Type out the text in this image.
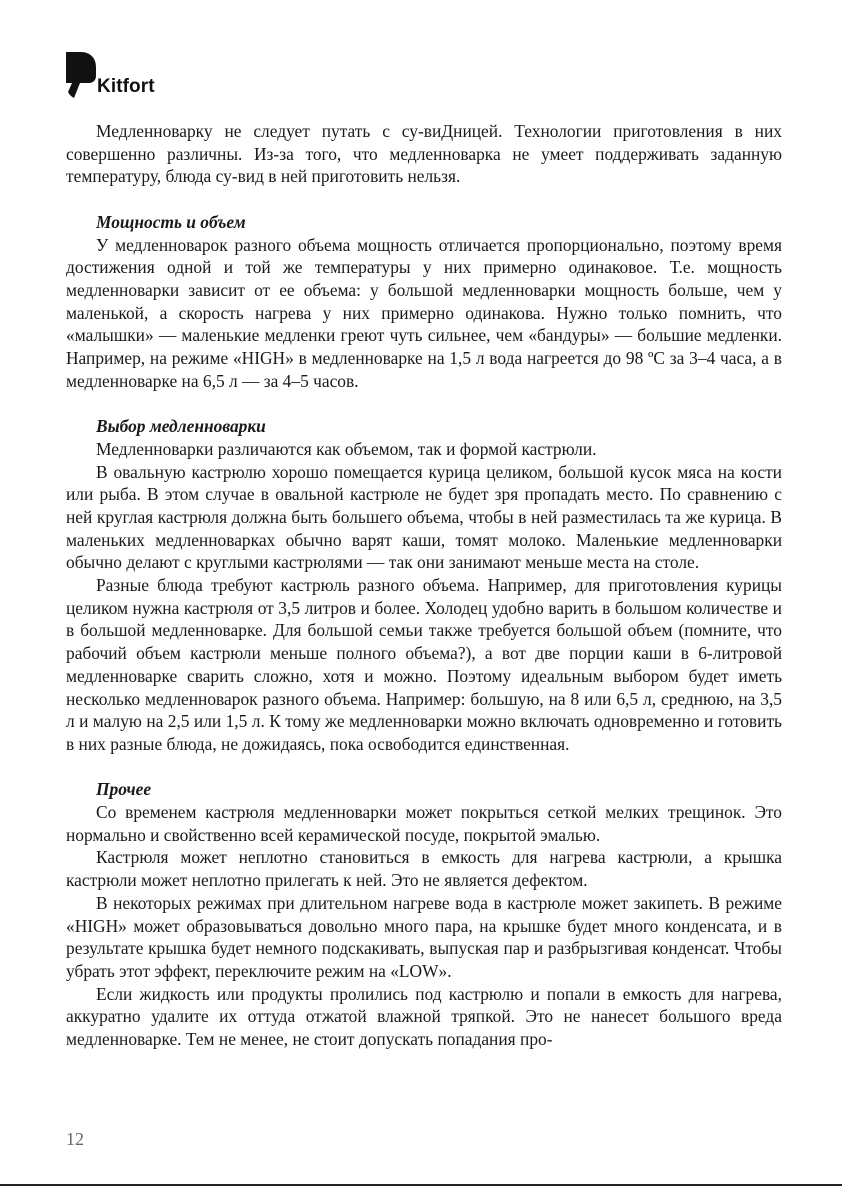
Kitfort

Медленноварку не следует путать с су-виДницей. Технологии приготовления в них совершенно различны. Из-за того, что медленноварка не умеет поддерживать заданную температуру, блюда су-вид в ней приготовить нельзя.

Мощность и объем

У медленноварок разного объема мощность отличается пропорционально, поэтому время достижения одной и той же температуры у них примерно одинаковое. Т.е. мощность медленноварки зависит от ее объема: у большой медленноварки мощность больше, чем у маленькой, а скорость нагрева у них примерно одинакова. Нужно только помнить, что «малышки» — маленькие медленки греют чуть сильнее, чем «бандуры» — большие медленки. Например, на режиме «HIGH» в медленноварке на 1,5 л вода нагреется до 98 ºС за 3–4 часа, а в медленноварке на 6,5 л — за 4–5 часов.

Выбор медленноварки

Медленноварки различаются как объемом, так и формой кастрюли.

В овальную кастрюлю хорошо помещается курица целиком, большой кусок мяса на кости или рыба. В этом случае в овальной кастрюле не будет зря пропадать место. По сравнению с ней круглая кастрюля должна быть большего объема, чтобы в ней разместилась та же курица. В маленьких медленноварках обычно варят каши, томят молоко. Маленькие медленноварки обычно делают с круглыми кастрюлями — так они занимают меньше места на столе.

Разные блюда требуют кастрюль разного объема. Например, для приготовления курицы целиком нужна кастрюля от 3,5 литров и более. Холодец удобно варить в большом количестве и в большой медленноварке. Для большой семьи также требуется большой объем (помните, что рабочий объем кастрюли меньше полного объема?), а вот две порции каши в 6-литровой медленноварке сварить сложно, хотя и можно. Поэтому идеальным выбором будет иметь несколько медленноварок разного объема. Например: большую, на 8 или 6,5 л, среднюю, на 3,5 л и малую на 2,5 или 1,5 л. К тому же медленноварки можно включать одновременно и готовить в них разные блюда, не дожидаясь, пока освободится единственная.

Прочее

Со временем кастрюля медленноварки может покрыться сеткой мелких трещинок. Это нормально и свойственно всей керамической посуде, покрытой эмалью.

Кастрюля может неплотно становиться в емкость для нагрева кастрюли, а крышка кастрюли может неплотно прилегать к ней. Это не является дефектом.

В некоторых режимах при длительном нагреве вода в кастрюле может закипеть. В режиме «HIGH» может образовываться довольно много пара, на крышке будет много конденсата, и в результате крышка будет немного подскакивать, выпуская пар и разбрызгивая конденсат. Чтобы убрать этот эффект, переключите режим на «LOW».

Если жидкость или продукты пролились под кастрюлю и попали в емкость для нагрева, аккуратно удалите их оттуда отжатой влажной тряпкой. Это не нанесет большого вреда медленноварке. Тем не менее, не стоит допускать попадания про-

12
